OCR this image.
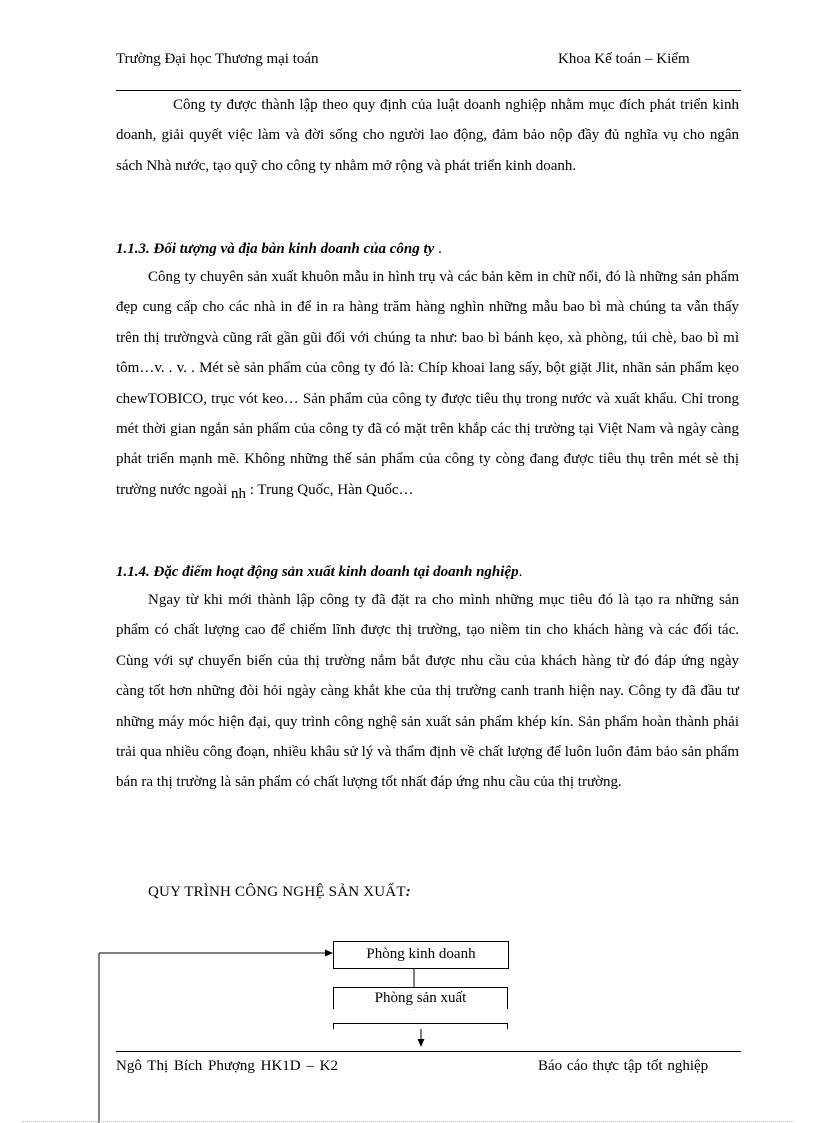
Trường Đại học Thương mại toán	Khoa Kế toán – Kiểm

Công ty được thành lập theo quy định của luật doanh nghiệp nhằm mục đích phát triển kinh doanh, giải quyết việc làm và đời sống cho người lao động, đảm bảo nộp đầy đủ nghĩa vụ cho ngân sách Nhà nước, tạo quỹ cho công ty nhằm mở rộng và phát triển kinh doanh.

1.1.3. Đối tượng và địa bàn kinh doanh của công ty .

Công ty chuyên sản xuất khuôn mẫu in hình trụ và các bản kẽm in chữ nổi, đó là những sản phẩm đẹp cung cấp cho các nhà in để in ra hàng trăm hàng nghìn những mẫu bao bì mà chúng ta vẫn thấy trên thị trườngvà cũng rất gần gũi đối với chúng ta như: bao bì bánh kẹo, xà phòng, túi chè, bao bì mì tôm…v. . v. . Mét sè sản phẩm của công ty đó là: Chíp khoai lang sấy, bột giặt Jlit, nhãn sản phẩm kẹo chewTOBICO, trục vót keo… Sản phẩm của công ty được tiêu thụ trong nước và xuất khẩu. Chỉ trong mét thời gian ngắn sản phẩm của công ty đã có mặt trên khắp các thị trường tại Việt Nam và ngày càng phát triển mạnh mẽ. Không những thế sản phẩm của công ty còng đang được tiêu thụ trên mét sè thị trường nước ngoài nh : Trung Quốc, Hàn Quốc…

1.1.4. Đặc điểm hoạt động sản xuất kinh doanh tại doanh nghiệp.

Ngay từ khi mới thành lập công ty đã đặt ra cho mình những mục tiêu đó là tạo ra những sản phẩm có chất lượng cao để chiếm lĩnh được thị trường, tạo niềm tin cho khách hàng và các đối tác. Cùng với sự chuyển biến của thị trường nắm bắt được nhu cầu của khách hàng từ đó đáp ứng ngày càng tốt hơn những đòi hỏi ngày càng khắt khe của thị trường canh tranh hiện nay. Công ty đã đầu tư những máy móc hiện đại, quy trình công nghệ sản xuất sản phẩm khép kín. Sản phẩm hoàn thành phải trải qua nhiều công đoạn, nhiều khâu sử lý và thẩm định về chất lượng để luôn luôn đảm bảo sản phẩm bán ra thị trường là sản phẩm có chất lượng tốt nhất đáp ứng nhu cầu của thị trường.

QUY TRÌNH CÔNG NGHỆ SẢN XUẤT:
Phòng kinh doanh
Phòng sản xuất
Ngô Thị Bích Phượng HK1D – K2	Báo cáo thực tập tốt nghiệp
